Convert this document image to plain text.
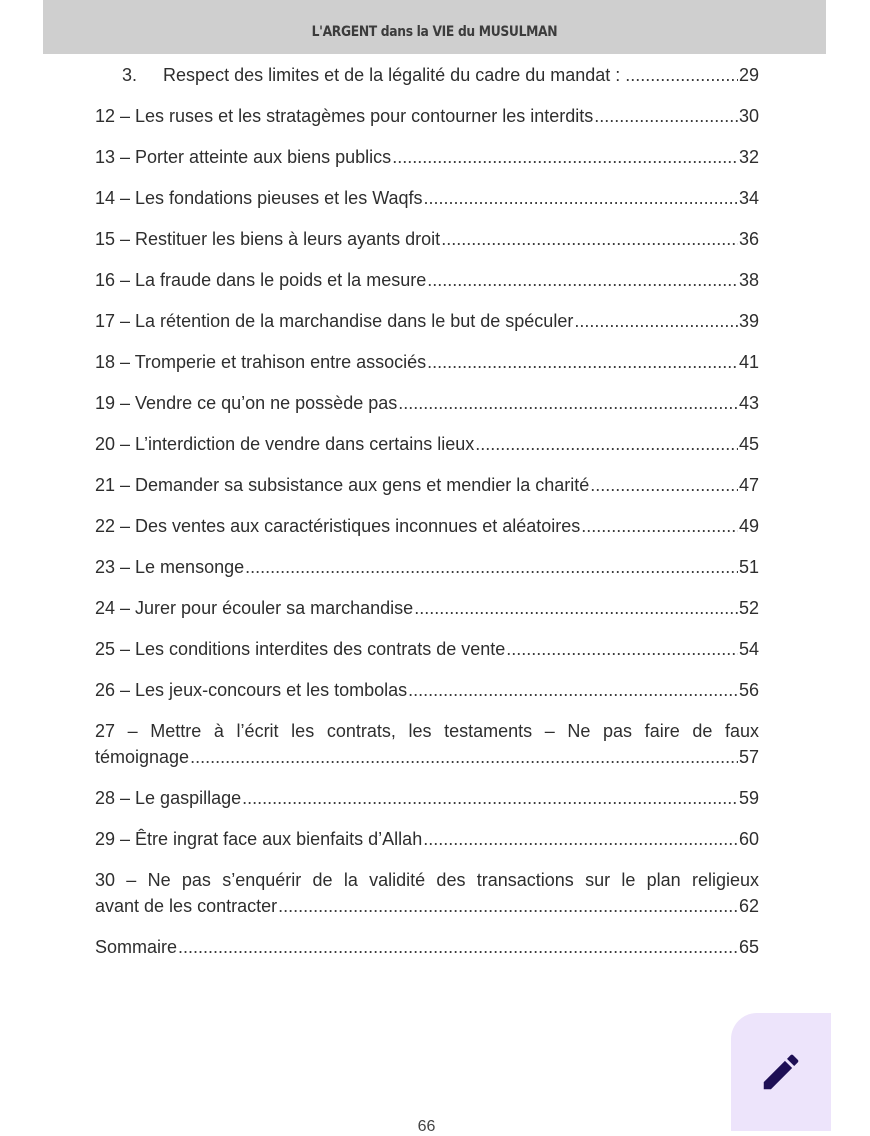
L'ARGENT dans la VIE du MUSULMAN
3. Respect des limites et de la légalité du cadre du mandat : .....	29
12 – Les ruses et les stratagèmes pour contourner les interdits .....	30
13 – Porter atteinte aux biens publics .....	32
14 – Les fondations pieuses et les Waqfs .....	34
15 – Restituer les biens à leurs ayants droit .....	36
16 – La fraude dans le poids et la mesure .....	38
17 – La rétention de la marchandise dans le but de spéculer .....	39
18 – Tromperie et trahison entre associés .....	41
19 – Vendre ce qu’on ne possède pas .....	43
20 – L’interdiction de vendre dans certains lieux .....	45
21 – Demander sa subsistance aux gens et mendier la charité .....	47
22 – Des ventes aux caractéristiques inconnues et aléatoires .....	49
23 – Le mensonge .....	51
24 – Jurer pour écouler sa marchandise .....	52
25 – Les conditions interdites des contrats de vente .....	54
26 – Les jeux-concours et les tombolas .....	56
27 – Mettre à l’écrit les contrats, les testaments – Ne pas faire de faux
témoignage .....	57
28 – Le gaspillage .....	59
29 – Être ingrat face aux bienfaits d’Allah .....	60
30 – Ne pas s’enquérir de la validité des transactions sur le plan religieux
avant de les contracter .....	62
Sommaire .....	65
66
